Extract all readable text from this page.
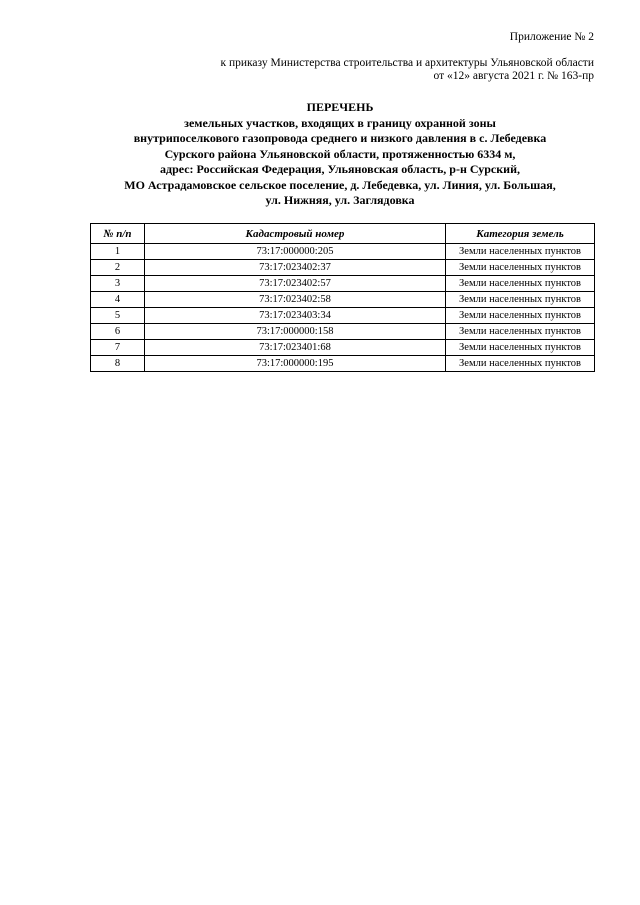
Приложение № 2
к приказу Министерства строительства и архитектуры Ульяновской области
от «12» августа 2021 г. № 163-пр
ПЕРЕЧЕНЬ
земельных участков, входящих в границу охранной зоны
внутрипоселкового газопровода среднего и низкого давления в с. Лебедевка
Сурского района Ульяновской области, протяженностью 6334 м,
адрес: Российская Федерация, Ульяновская область, р-н Сурский,
МО Астрадамовское сельское поселение, д. Лебедевка, ул. Линия, ул. Большая,
ул. Нижняя, ул. Заглядовка
№ п/п	Кадастровый номер	Категория земель
1	73:17:000000:205	Земли населенных пунктов
2	73:17:023402:37	Земли населенных пунктов
3	73:17:023402:57	Земли населенных пунктов
4	73:17:023402:58	Земли населенных пунктов
5	73:17:023403:34	Земли населенных пунктов
6	73:17:000000:158	Земли населенных пунктов
7	73:17:023401:68	Земли населенных пунктов
8	73:17:000000:195	Земли населенных пунктов
